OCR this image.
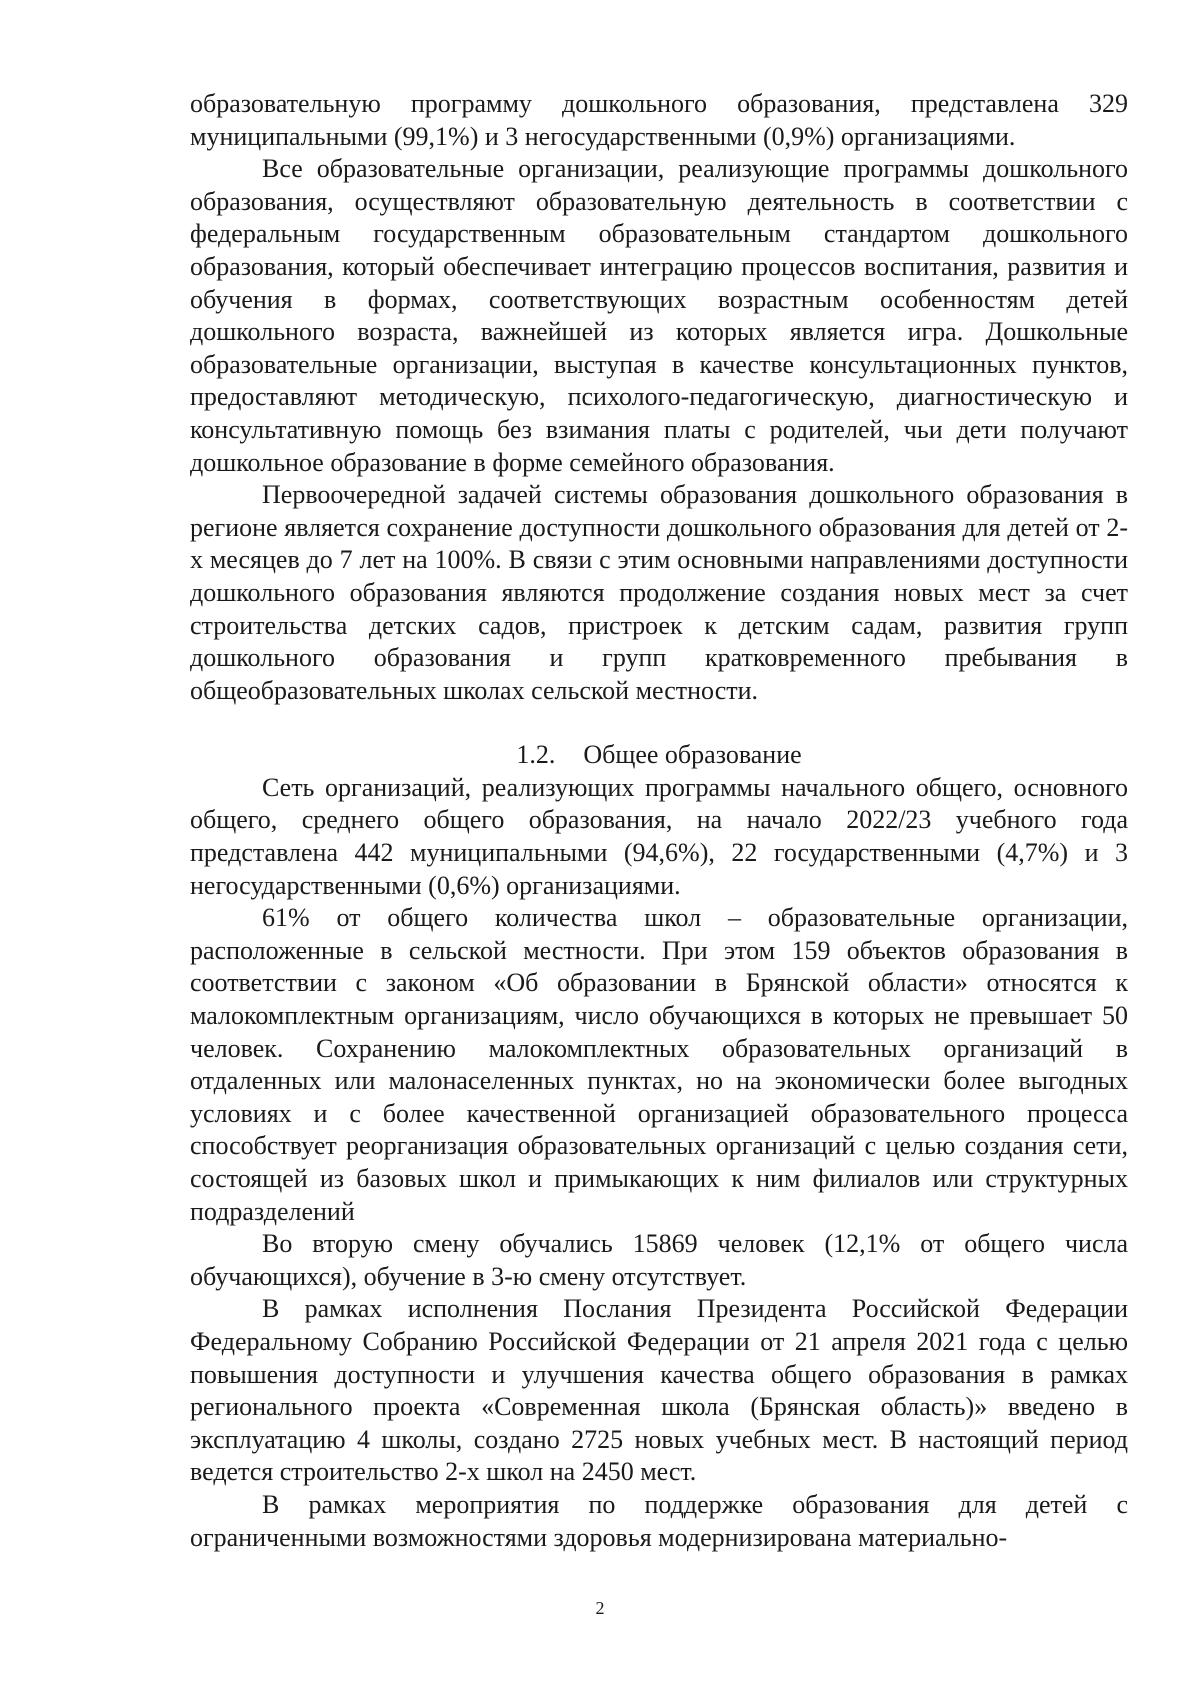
образовательную программу дошкольного образования, представлена 329 муниципальными (99,1%) и 3 негосударственными (0,9%) организациями.

Все образовательные организации, реализующие программы дошкольного образования, осуществляют образовательную деятельность в соответствии с федеральным государственным образовательным стандартом дошкольного образования, который обеспечивает интеграцию процессов воспитания, развития и обучения в формах, соответствующих возрастным особенностям детей дошкольного возраста, важнейшей из которых является игра. Дошкольные образовательные организации, выступая в качестве консультационных пунктов, предоставляют методическую, психолого-педагогическую, диагностическую и консультативную помощь без взимания платы с родителей, чьи дети получают дошкольное образование в форме семейного образования.

Первоочередной задачей системы образования дошкольного образования в регионе является сохранение доступности дошкольного образования для детей от 2-х месяцев до 7 лет на 100%. В связи с этим основными направлениями доступности дошкольного образования являются продолжение создания новых мест за счет строительства детских садов, пристроек к детским садам, развития групп дошкольного образования и групп кратковременного пребывания в общеобразовательных школах сельской местности.

1.2. Общее образование

Сеть организаций, реализующих программы начального общего, основного общего, среднего общего образования, на начало 2022/23 учебного года представлена 442 муниципальными (94,6%), 22 государственными (4,7%) и 3 негосударственными (0,6%) организациями.

61% от общего количества школ – образовательные организации, расположенные в сельской местности. При этом 159 объектов образования в соответствии с законом «Об образовании в Брянской области» относятся к малокомплектным организациям, число обучающихся в которых не превышает 50 человек. Сохранению малокомплектных образовательных организаций в отдаленных или малонаселенных пунктах, но на экономически более выгодных условиях и с более качественной организацией образовательного процесса способствует реорганизация образовательных организаций с целью создания сети, состоящей из базовых школ и примыкающих к ним филиалов или структурных подразделений

Во вторую смену обучались 15869 человек (12,1% от общего числа обучающихся), обучение в 3-ю смену отсутствует.

В рамках исполнения Послания Президента Российской Федерации Федеральному Собранию Российской Федерации от 21 апреля 2021 года с целью повышения доступности и улучшения качества общего образования в рамках регионального проекта «Современная школа (Брянская область)» введено в эксплуатацию 4 школы, создано 2725 новых учебных мест. В настоящий период ведется строительство 2-х школ на 2450 мест.

В рамках мероприятия по поддержке образования для детей с ограниченными возможностями здоровья модернизирована материально-

2
